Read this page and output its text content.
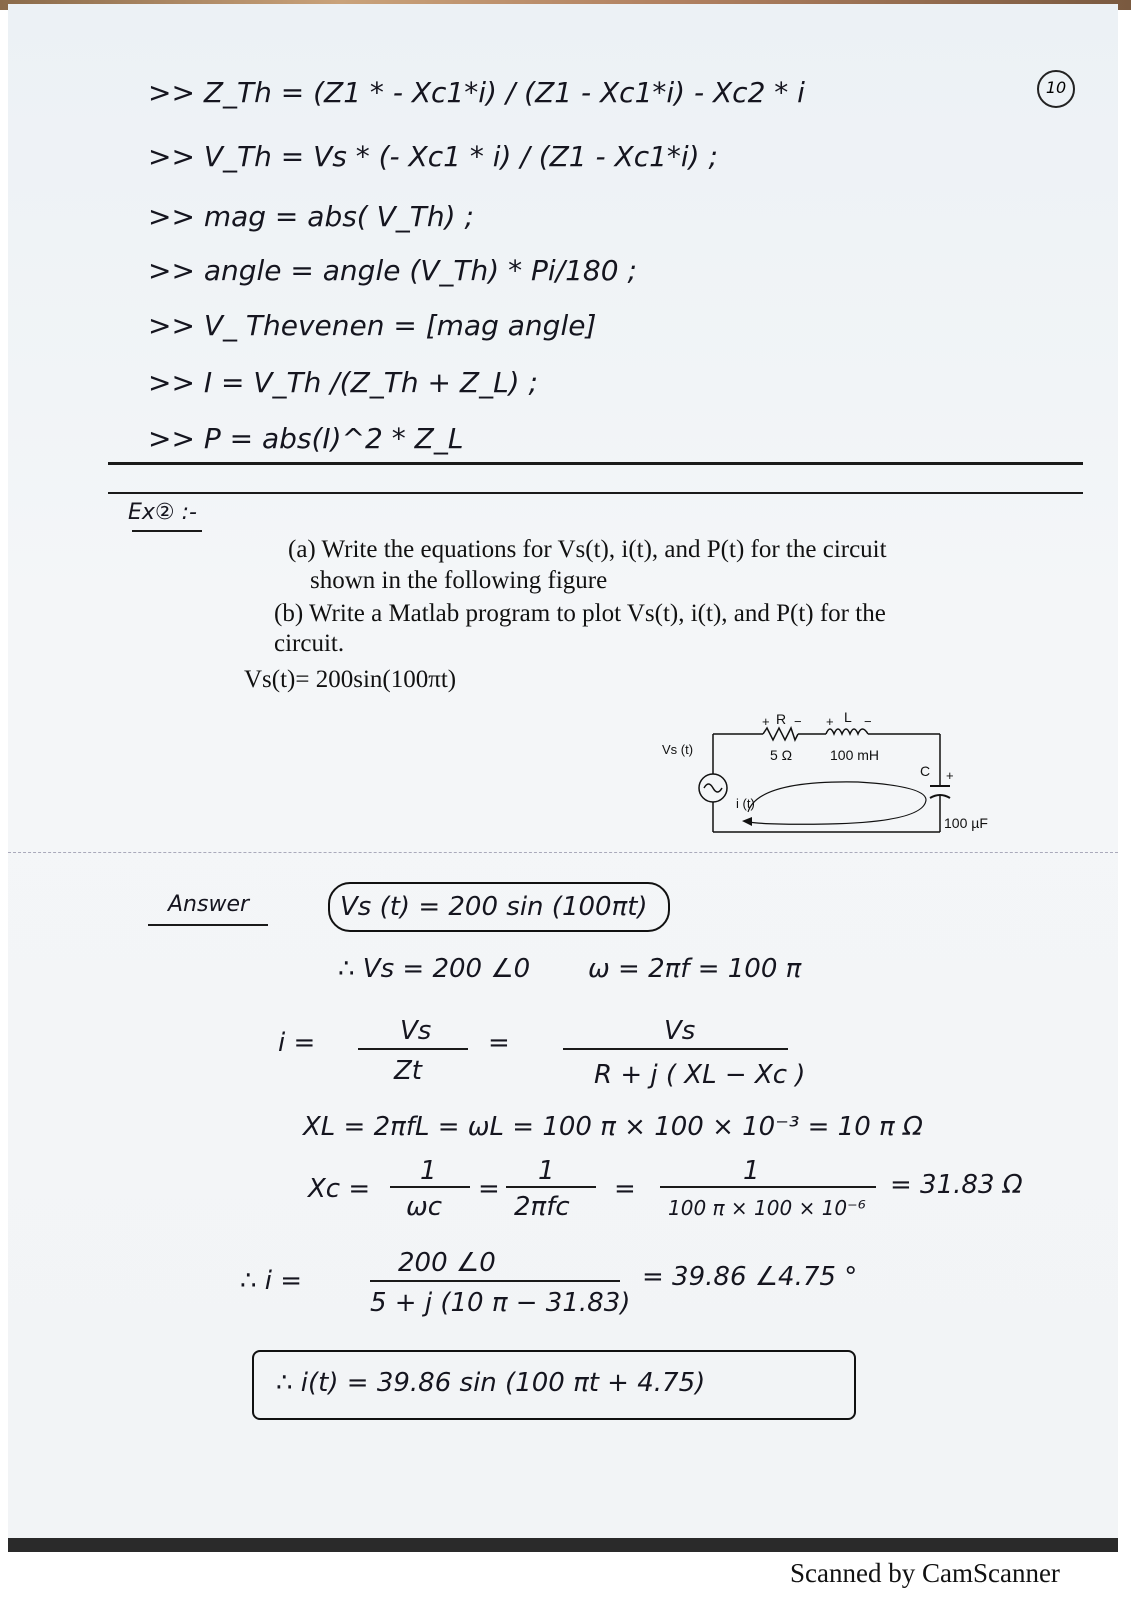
10
>> Z_Th = (Z1 * - Xc1*i) / (Z1 - Xc1*i) - Xc2 * i
>> V_Th = Vs * (- Xc1 * i) / (Z1 - Xc1*i) ;
>> mag = abs( V_Th) ;
>> angle = angle (V_Th) * Pi/180 ;
>> V_ Thevenen = [mag angle]
>> I = V_Th /(Z_Th + Z_L) ;
>> P = abs(I)^2 * Z_L
Ex② :-
(a) Write the equations for Vs(t), i(t), and P(t) for the circuit
shown in the following figure
(b) Write a Matlab program to plot Vs(t), i(t), and P(t) for the
circuit.
Vs(t)= 200sin(100πt)
R
+ −
5 Ω
L
+ −
100 mH
C +
100 µF
Vs (t)
i (t)
Answer	Vs (t) = 200 sin (100πt)
∴ Vs = 200 ∠0 ω = 2πf = 100 π
i =	Vs
Zt
=	Vs
R + j ( XL − Xc )
XL = 2πfL = ωL = 100 π × 100 × 10⁻³ = 10 π Ω
Xc =
1
ωc
=
1
2πfc
=
1
100 π × 100 × 10⁻⁶
= 31.83 Ω
∴ i =
200 ∠0
5 + j (10 π − 31.83)
= 39.86 ∠4.75 °
∴ i(t) = 39.86 sin (100 πt + 4.75)
Scanned by CamScanner
